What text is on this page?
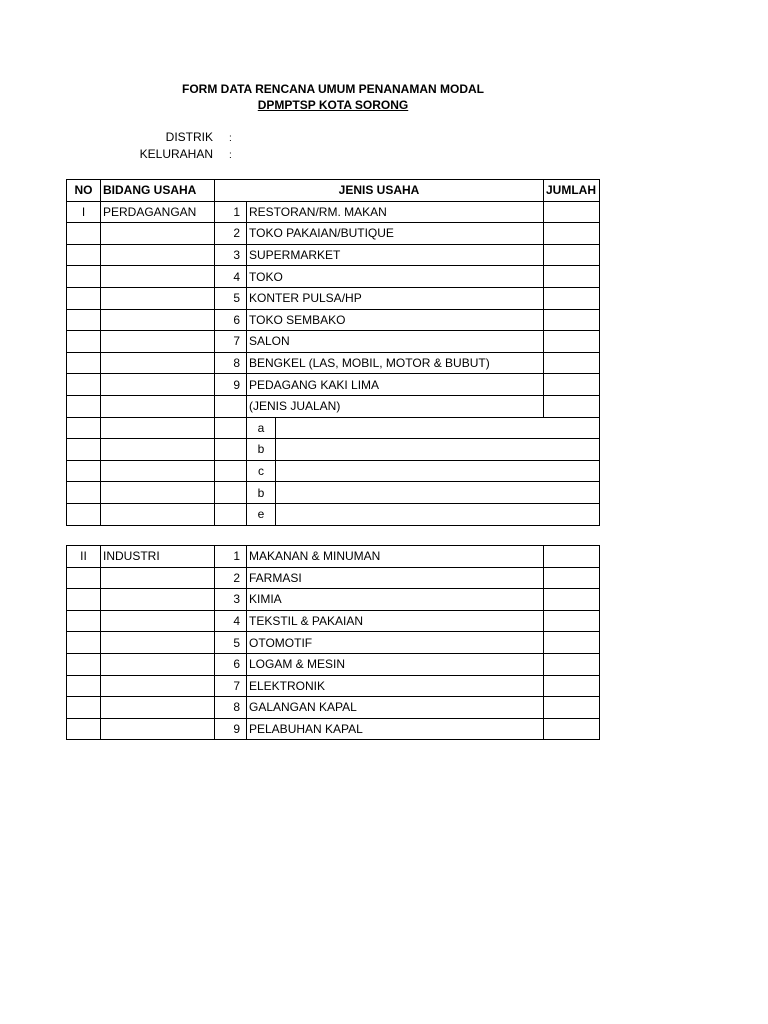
FORM DATA RENCANA UMUM PENANAMAN MODAL
DPMPTSP KOTA SORONG
DISTRIK :
KELURAHAN :
NO	BIDANG USAHA	JENIS USAHA			JUMLAH
I	PERDAGANGAN	1	RESTORAN/RM. MAKAN		
		2	TOKO PAKAIAN/BUTIQUE		
		3	SUPERMARKET		
		4	TOKO		
		5	KONTER PULSA/HP		
		6	TOKO SEMBAKO		
		7	SALON		
		8	BENGKEL (LAS, MOBIL, MOTOR & BUBUT)		
		9	PEDAGANG KAKI LIMA		
			(JENIS JUALAN)		
			a		
			b		
			c		
			b		
			e		
II	INDUSTRI	1	MAKANAN & MINUMAN	
		2	FARMASI	
		3	KIMIA	
		4	TEKSTIL & PAKAIAN	
		5	OTOMOTIF	
		6	LOGAM & MESIN	
		7	ELEKTRONIK	
		8	GALANGAN KAPAL	
		9	PELABUHAN KAPAL	
